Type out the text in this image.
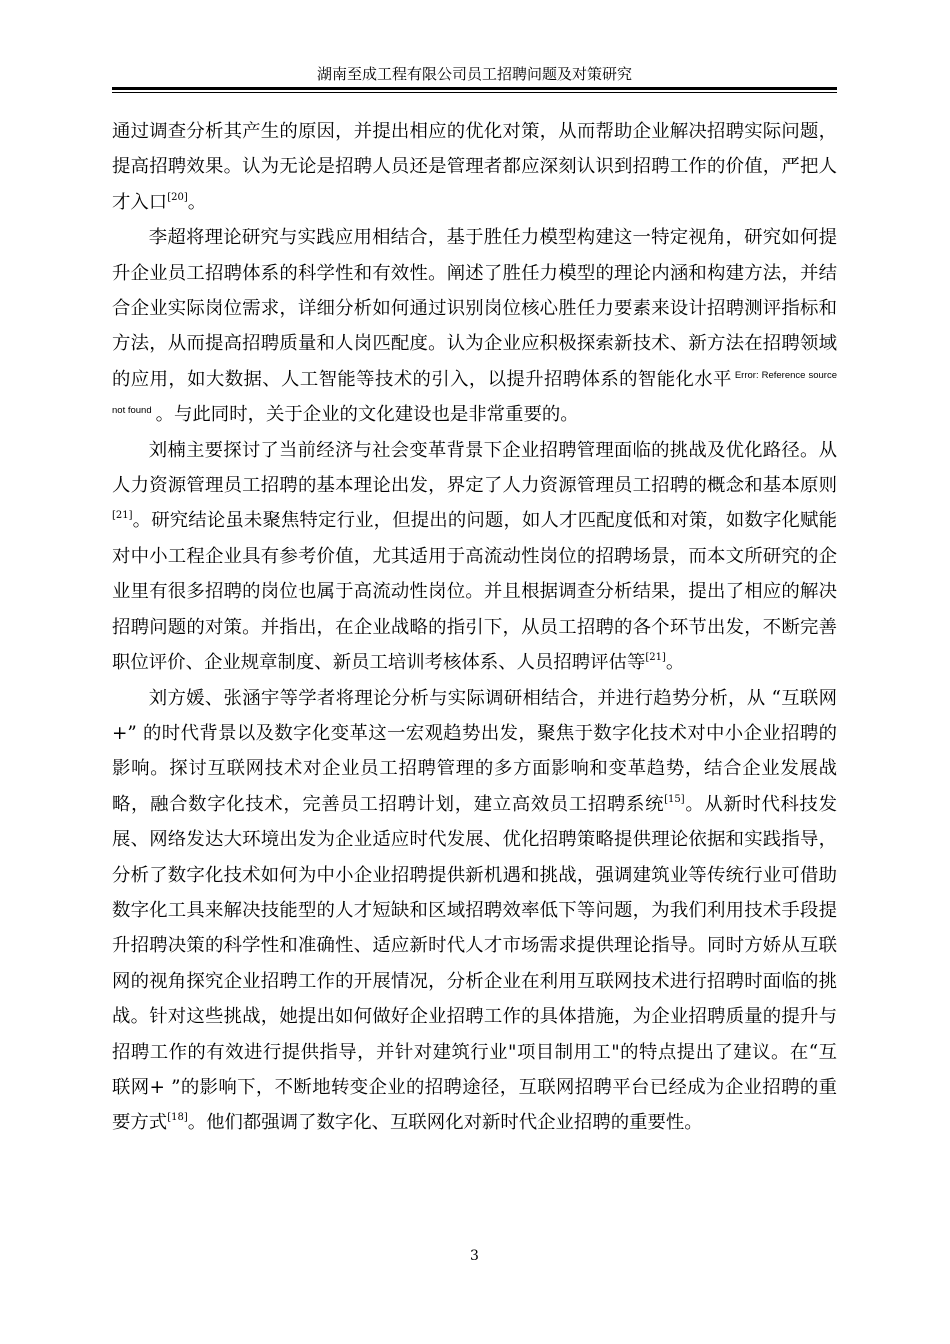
湖南至成工程有限公司员工招聘问题及对策研究

通过调查分析其产生的原因，并提出相应的优化对策，从而帮助企业解决招聘实际问题，提高招聘效果。认为无论是招聘人员还是管理者都应深刻认识到招聘工作的价值，严把人才入口[20]。

李超将理论研究与实践应用相结合，基于胜任力模型构建这一特定视角，研究如何提升企业员工招聘体系的科学性和有效性。阐述了胜任力模型的理论内涵和构建方法，并结合企业实际岗位需求，详细分析如何通过识别岗位核心胜任力要素来设计招聘测评指标和方法，从而提高招聘质量和人岗匹配度。认为企业应积极探索新技术、新方法在招聘领域的应用，如大数据、人工智能等技术的引入，以提升招聘体系的智能化水平 $^{Error: Reference source not found}$ 。与此同时，关于企业的文化建设也是非常重要的。

刘楠主要探讨了当前经济与社会变革背景下企业招聘管理面临的挑战及优化路径。从人力资源管理员工招聘的基本理论出发，界定了人力资源管理员工招聘的概念和基本原则[21]。研究结论虽未聚焦特定行业，但提出的问题，如人才匹配度低和对策，如数字化赋能对中小工程企业具有参考价值，尤其适用于高流动性岗位的招聘场景，而本文所研究的企业里有很多招聘的岗位也属于高流动性岗位。并且根据调查分析结果，提出了相应的解决招聘问题的对策。并指出，在企业战略的指引下，从员工招聘的各个环节出发，不断完善职位评价、企业规章制度、新员工培训考核体系、人员招聘评估等[21]。

刘方媛、张涵宇等学者将理论分析与实际调研相结合，并进行趋势分析，从 “互联网 +” 的时代背景以及数字化变革这一宏观趋势出发，聚焦于数字化技术对中小企业招聘的影响。探讨互联网技术对企业员工招聘管理的多方面影响和变革趋势，结合企业发展战略，融合数字化技术，完善员工招聘计划，建立高效员工招聘系统[15]。从新时代科技发展、网络发达大环境出发为企业适应时代发展、优化招聘策略提供理论依据和实践指导，分析了数字化技术如何为中小企业招聘提供新机遇和挑战，强调建筑业等传统行业可借助数字化工具来解决技能型的人才短缺和区域招聘效率低下等问题，为我们利用技术手段提升招聘决策的科学性和准确性、适应新时代人才市场需求提供理论指导。同时方娇从互联网的视角探究企业招聘工作的开展情况，分析企业在利用互联网技术进行招聘时面临的挑战。针对这些挑战，她提出如何做好企业招聘工作的具体措施，为企业招聘质量的提升与招聘工作的有效进行提供指导，并针对建筑行业"项目制用工"的特点提出了建议。在“互联网+ ”的影响下，不断地转变企业的招聘途径，互联网招聘平台已经成为企业招聘的重要方式[18]。他们都强调了数字化、互联网化对新时代企业招聘的重要性。

3
